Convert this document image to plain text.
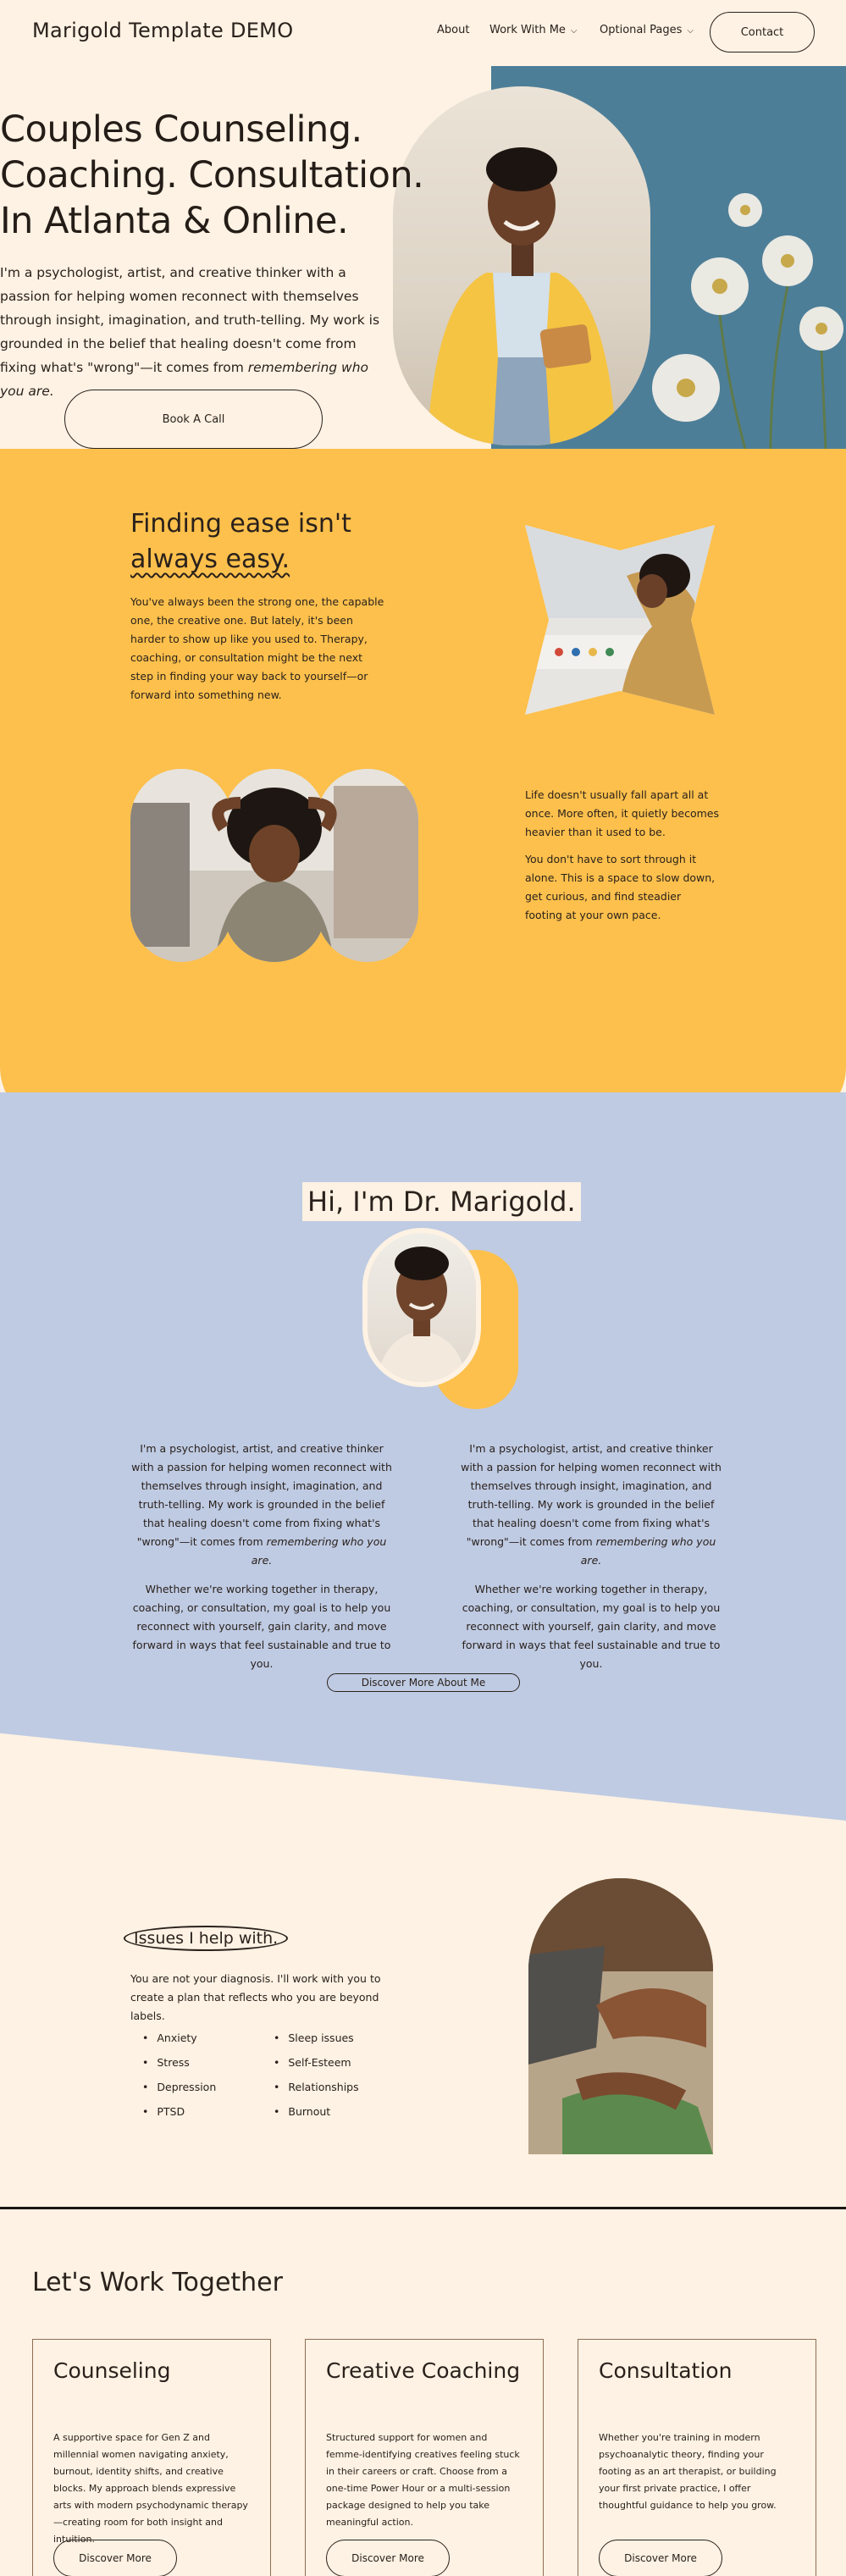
Marigold Template DEMO	About Work With Me ⌵ Optional Pages ⌵	Contact
Couples Counseling.
Coaching. Consultation.
In Atlanta & Online.
I'm a psychologist, artist, and creative thinker with a passion for helping women reconnect with themselves through insight, imagination, and truth-telling. My work is grounded in the belief that healing doesn't come from fixing what's "wrong"—it comes from remembering who you are.
Book A Call
Finding ease isn't
always easy.
You've always been the strong one, the capable one, the creative one. But lately, it's been harder to show up like you used to. Therapy, coaching, or consultation might be the next step in finding your way back to yourself—or forward into something new.

Life doesn't usually fall apart all at once. More often, it quietly becomes heavier than it used to be.

You don't have to sort through it alone. This is a space to slow down, get curious, and find steadier footing at your own pace.

Hi, I'm Dr. Marigold.

I'm a psychologist, artist, and creative thinker with a passion for helping women reconnect with themselves through insight, imagination, and truth-telling. My work is grounded in the belief that healing doesn't come from fixing what's "wrong"—it comes from remembering who you are.

Whether we're working together in therapy, coaching, or consultation, my goal is to help you reconnect with yourself, gain clarity, and move forward in ways that feel sustainable and true to you.

I'm a psychologist, artist, and creative thinker with a passion for helping women reconnect with themselves through insight, imagination, and truth-telling. My work is grounded in the belief that healing doesn't come from fixing what's "wrong"—it comes from remembering who you are.

Whether we're working together in therapy, coaching, or consultation, my goal is to help you reconnect with yourself, gain clarity, and move forward in ways that feel sustainable and true to you.

Discover More About Me
Issues I help with.
You are not your diagnosis. I'll work with you to create a plan that reflects who you are beyond labels.
• Anxiety
• Stress
• Depression
• PTSD
• Sleep issues
• Self-Esteem
• Relationships
• Burnout
Let's Work Together
Counseling
A supportive space for Gen Z and millennial women navigating anxiety, burnout, identity shifts, and creative blocks. My approach blends expressive arts with modern psychodynamic therapy—creating room for both insight and intuition.
Discover More
Creative Coaching
Structured support for women and femme-identifying creatives feeling stuck in their careers or craft. Choose from a one-time Power Hour or a multi-session package designed to help you take meaningful action.
Discover More
Consultation
Whether you're training in modern psychoanalytic theory, finding your footing as an art therapist, or building your first private practice, I offer thoughtful guidance to help you grow.
Discover More
